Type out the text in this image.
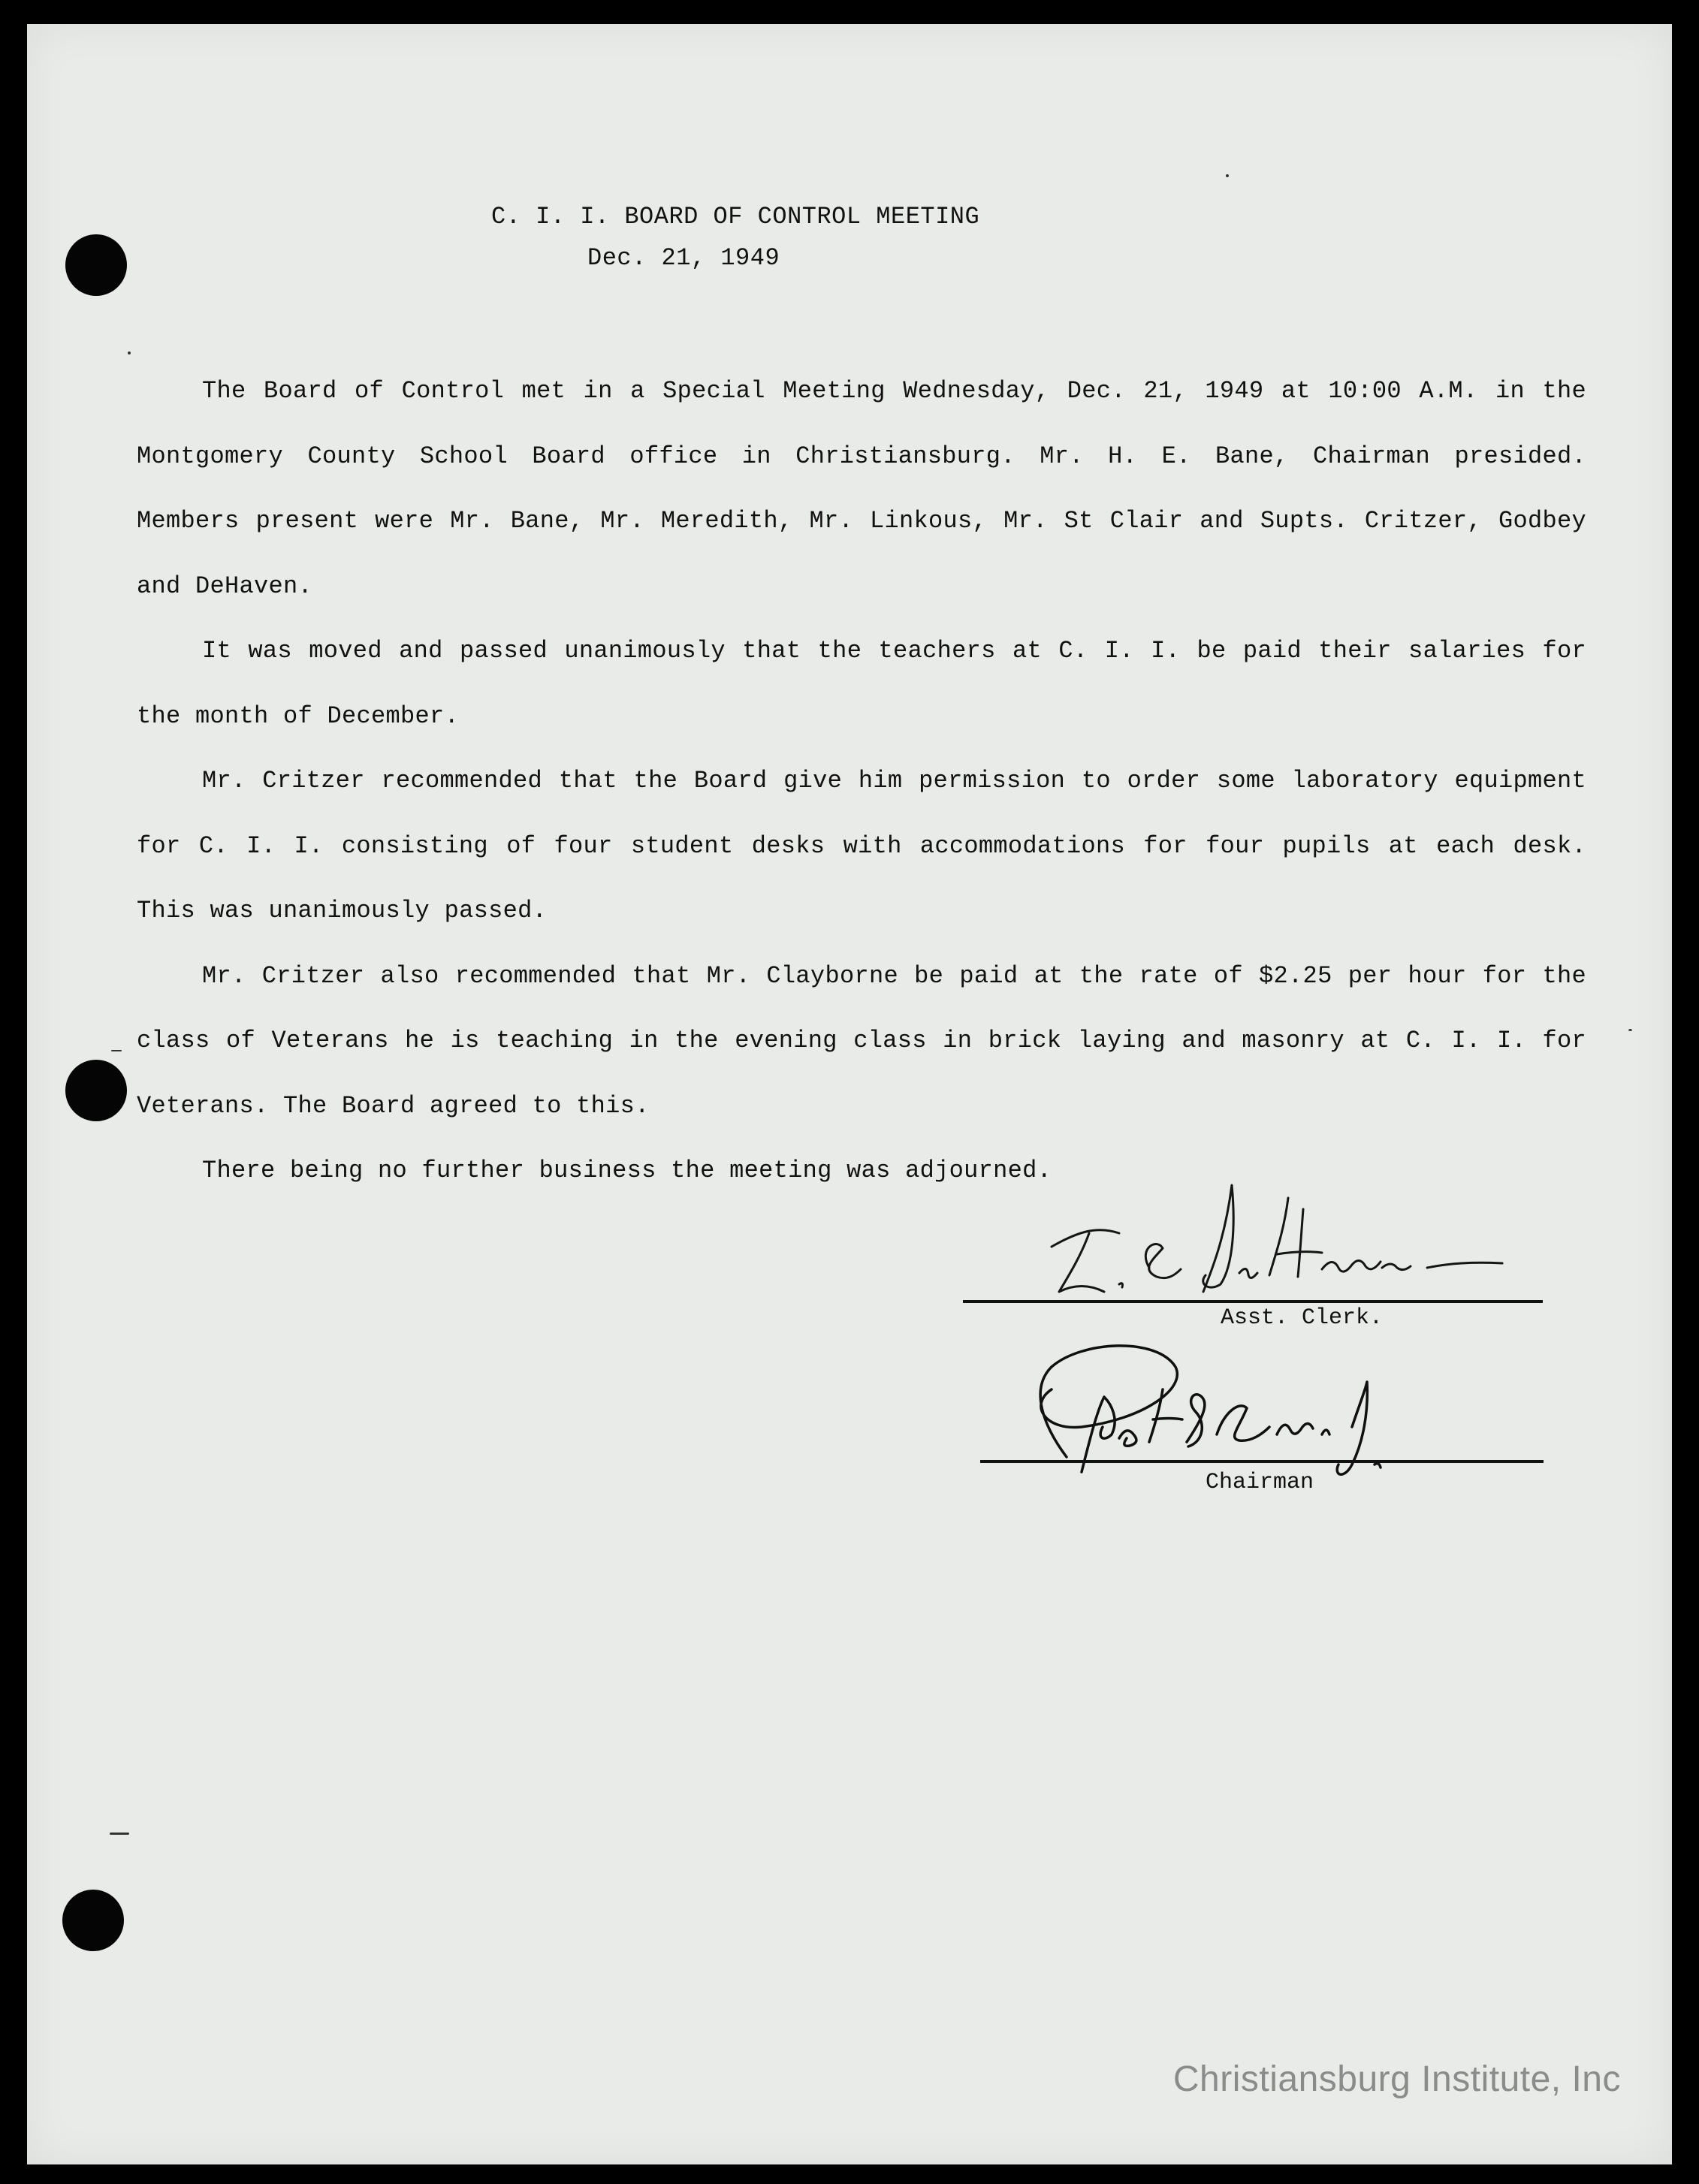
C. I. I. BOARD OF CONTROL MEETING
Dec. 21, 1949

The Board of Control met in a Special Meeting Wednesday, Dec. 21, 1949 at 10:00 A.M. in the Montgomery County School Board office in Christiansburg. Mr. H. E. Bane, Chairman presided. Members present were Mr. Bane, Mr. Meredith, Mr. Linkous, Mr. St Clair and Supts. Critzer, Godbey and DeHaven.

It was moved and passed unanimously that the teachers at C. I. I. be paid their salaries for the month of December.

Mr. Critzer recommended that the Board give him permission to order some laboratory equipment for C. I. I. consisting of four student desks with accommodations for four pupils at each desk. This was unanimously passed.

Mr. Critzer also recommended that Mr. Clayborne be paid at the rate of $2.25 per hour for the class of Veterans he is teaching in the evening class in brick laying and masonry at C. I. I. for Veterans. The Board agreed to this.

There being no further business the meeting was adjourned.

Asst. Clerk.
Chairman
Christiansburg Institute, Inc
